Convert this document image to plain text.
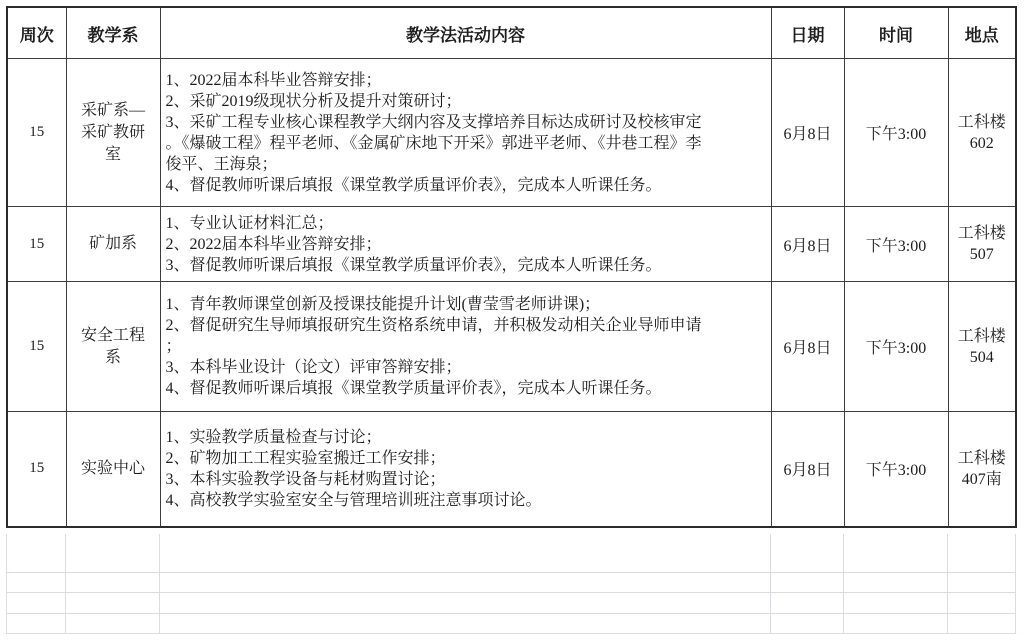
周次	教学系	教学法活动内容	日期	时间	地点
15	采矿系—采矿教研室	1、2022届本科毕业答辩安排；
2、采矿2019级现状分析及提升对策研讨；
3、采矿工程专业核心课程教学大纲内容及支撑培养目标达成研讨及校核审定。《爆破工程》程平老师、《金属矿床地下开采》郭进平老师、《井巷工程》李俊平、王海泉；
4、督促教师听课后填报《课堂教学质量评价表》，完成本人听课任务。	6月8日	下午3:00	工科楼602
15	矿加系	1、专业认证材料汇总；
2、2022届本科毕业答辩安排；
3、督促教师听课后填报《课堂教学质量评价表》，完成本人听课任务。	6月8日	下午3:00	工科楼507
15	安全工程系	1、青年教师课堂创新及授课技能提升计划(曹莹雪老师讲课)；
2、督促研究生导师填报研究生资格系统申请，并积极发动相关企业导师申请；
3、本科毕业设计（论文）评审答辩安排；
4、督促教师听课后填报《课堂教学质量评价表》，完成本人听课任务。	6月8日	下午3:00	工科楼504
15	实验中心	1、实验教学质量检查与讨论；
2、矿物加工工程实验室搬迁工作安排；
3、本科实验教学设备与耗材购置讨论；
4、高校教学实验室安全与管理培训班注意事项讨论。	6月8日	下午3:00	工科楼407南
